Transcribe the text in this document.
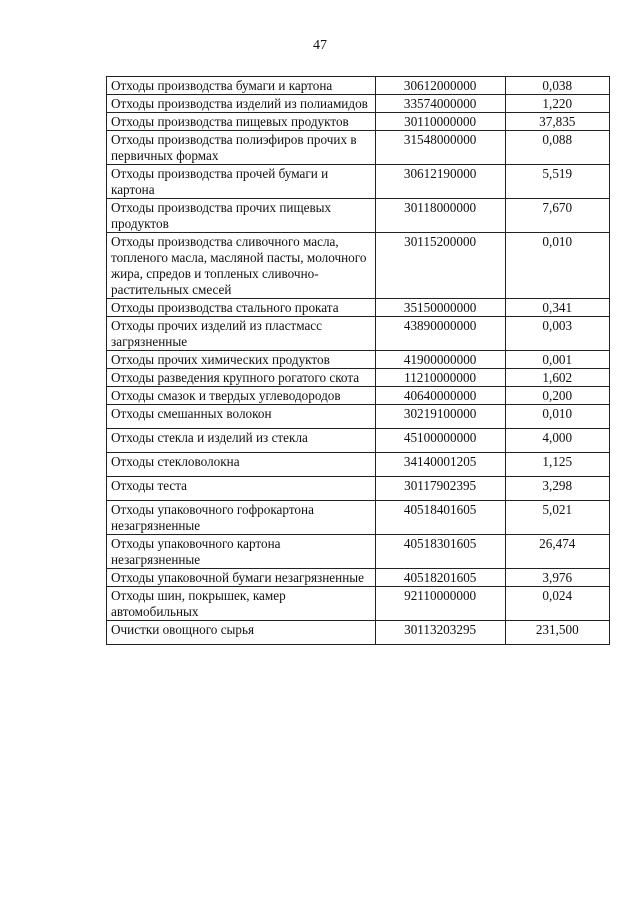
47
Отходы производства бумаги и картона	30612000000	0,038
Отходы производства изделий из полиамидов	33574000000	1,220
Отходы производства пищевых продуктов	30110000000	37,835
Отходы производства полиэфиров прочих в первичных формах	31548000000	0,088
Отходы производства прочей бумаги и картона	30612190000	5,519
Отходы производства прочих пищевых продуктов	30118000000	7,670
Отходы производства сливочного масла, топленого масла, масляной пасты, молочного жира, спредов и топленых сливочно-растительных смесей	30115200000	0,010
Отходы производства стального проката	35150000000	0,341
Отходы прочих изделий из пластмасс загрязненные	43890000000	0,003
Отходы прочих химических продуктов	41900000000	0,001
Отходы разведения крупного рогатого скота	11210000000	1,602
Отходы смазок и твердых углеводородов	40640000000	0,200
Отходы смешанных волокон	30219100000	0,010
Отходы стекла и изделий из стекла	45100000000	4,000
Отходы стекловолокна	34140001205	1,125
Отходы теста	30117902395	3,298
Отходы упаковочного гофрокартона незагрязненные	40518401605	5,021
Отходы упаковочного картона незагрязненные	40518301605	26,474
Отходы упаковочной бумаги незагрязненные	40518201605	3,976
Отходы шин, покрышек, камер автомобильных	92110000000	0,024
Очистки овощного сырья	30113203295	231,500
